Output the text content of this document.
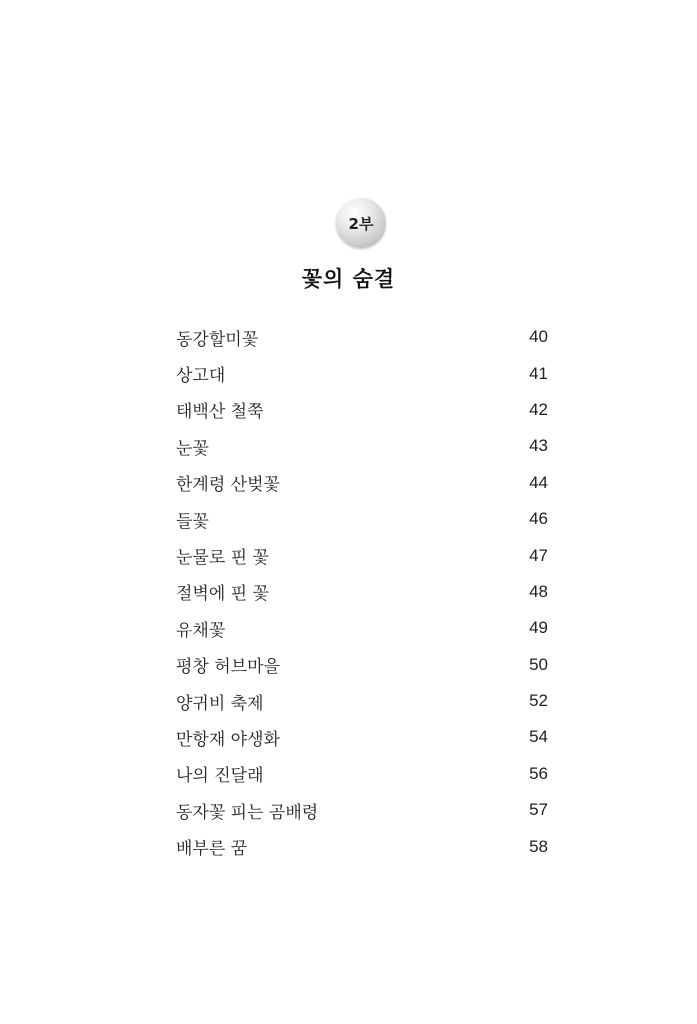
2부
꽃의 숨결
동강할미꽃	40
상고대	41
태백산 철쭉	42
눈꽃	43
한계령 산벚꽃	44
들꽃	46
눈물로 핀 꽃	47
절벽에 핀 꽃	48
유채꽃	49
평창 허브마을	50
양귀비 축제	52
만항재 야생화	54
나의 진달래	56
동자꽃 피는 곰배령	57
배부른 꿈	58
